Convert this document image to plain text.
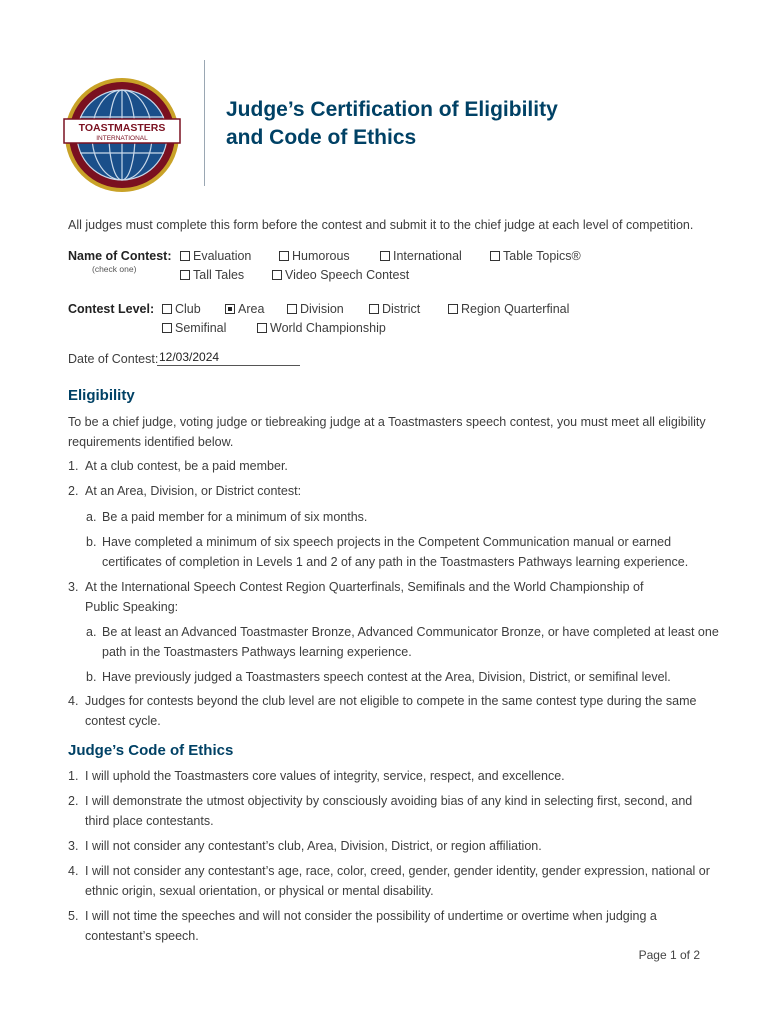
TOASTMASTERS
INTERNATIONAL
Judge’s Certification of Eligibility
and Code of Ethics
All judges must complete this form before the contest and submit it to the chief judge at each level of competition.
Name of Contest:
(check one)
Evaluation	Humorous	International	Table Topics®
Tall Tales	Video Speech Contest
Contest Level:	Club	Area	Division	District	Region Quarterfinal
Semifinal	World Championship
Date of Contest:
12/03/2024
Eligibility
To be a chief judge, voting judge or tiebreaking judge at a Toastmasters speech contest, you must meet all eligibility
requirements identified below.
1. At a club contest, be a paid member.
2. At an Area, Division, or District contest:
a. Be a paid member for a minimum of six months.
b. Have completed a minimum of six speech projects in the Competent Communication manual or earned
certificates of completion in Levels 1 and 2 of any path in the Toastmasters Pathways learning experience.
3. At the International Speech Contest Region Quarterfinals, Semifinals and the World Championship of
Public Speaking:
a. Be at least an Advanced Toastmaster Bronze, Advanced Communicator Bronze, or have completed at least one
path in the Toastmasters Pathways learning experience.
b. Have previously judged a Toastmasters speech contest at the Area, Division, District, or semifinal level.
4. Judges for contests beyond the club level are not eligible to compete in the same contest type during the same
contest cycle.
Judge’s Code of Ethics
1. I will uphold the Toastmasters core values of integrity, service, respect, and excellence.
2. I will demonstrate the utmost objectivity by consciously avoiding bias of any kind in selecting first, second, and
third place contestants.
3. I will not consider any contestant’s club, Area, Division, District, or region affiliation.
4. I will not consider any contestant’s age, race, color, creed, gender, gender identity, gender expression, national or
ethnic origin, sexual orientation, or physical or mental disability.
5. I will not time the speeches and will not consider the possibility of undertime or overtime when judging a
contestant’s speech.
Page 1 of 2
